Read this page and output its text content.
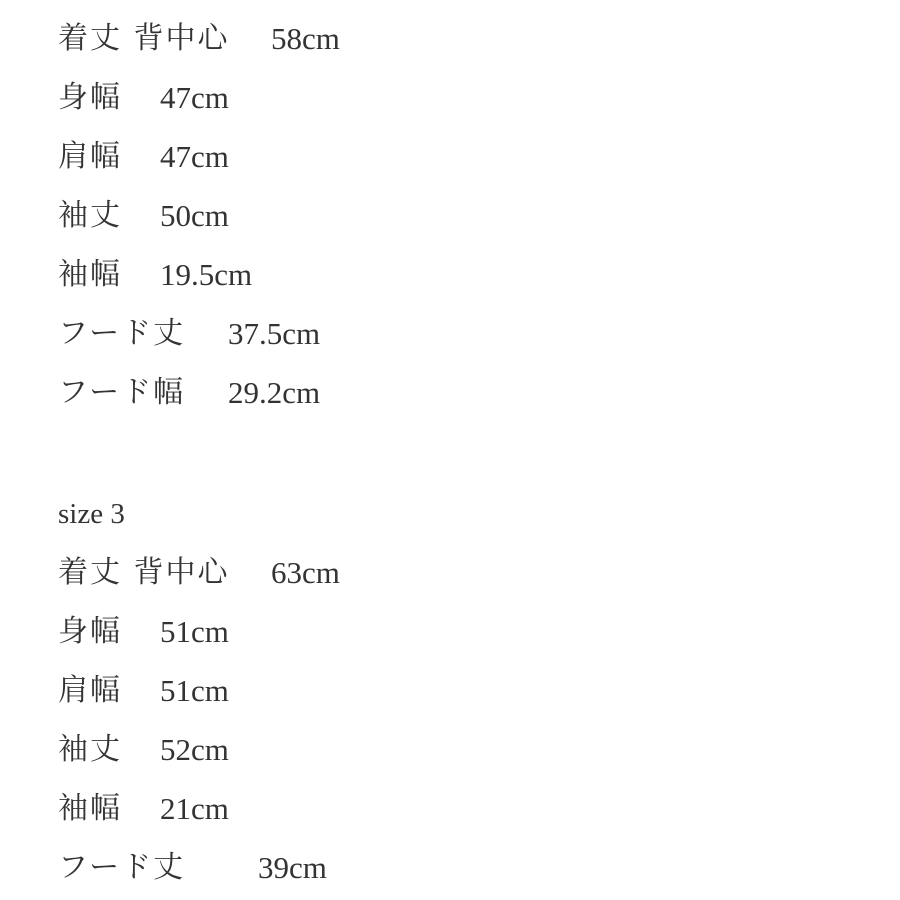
着丈 背中心 58cm
身幅 47cm
肩幅 47cm
袖丈 50cm
袖幅 19.5cm
フード丈 37.5cm
フード幅 29.2cm
size 3
着丈 背中心 63cm
身幅 51cm
肩幅 51cm
袖丈 52cm
袖幅 21cm
フード丈 39cm
